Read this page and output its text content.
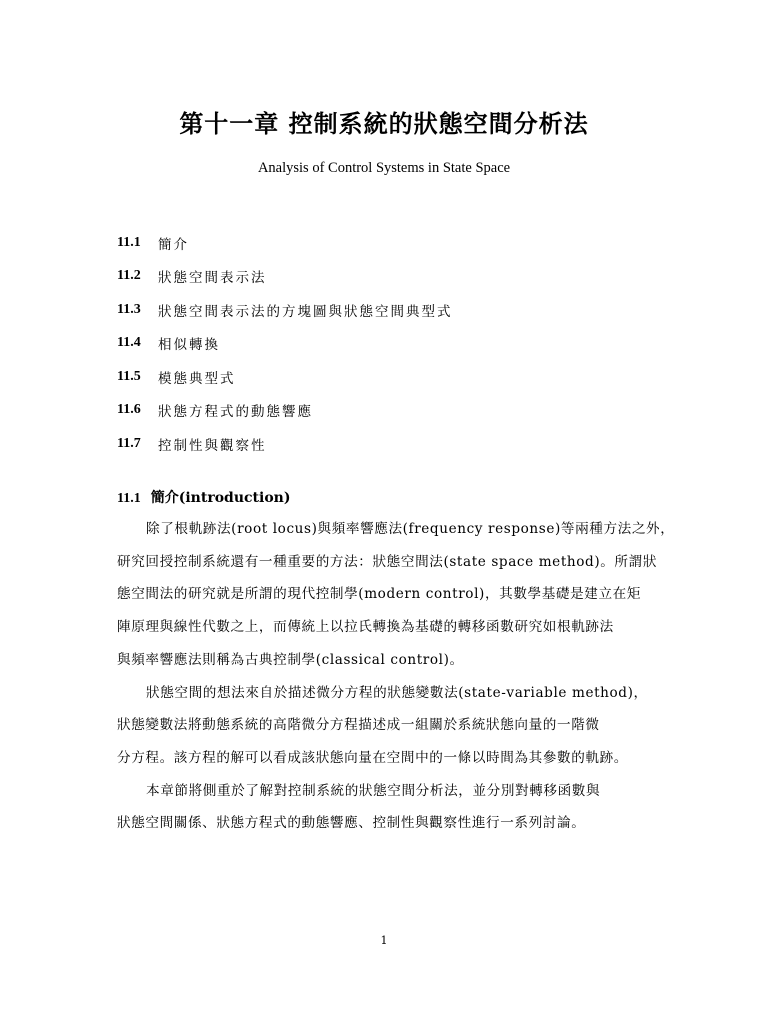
第十一章 控制系統的狀態空間分析法
Analysis of Control Systems in State Space
11.1	簡介
11.2	狀態空間表示法
11.3	狀態空間表示法的方塊圖與狀態空間典型式
11.4	相似轉換
11.5	模態典型式
11.6	狀態方程式的動態響應
11.7	控制性與觀察性
11.1 簡介(introduction)
除了根軌跡法(root locus)與頻率響應法(frequency response)等兩種方法之外，
研究回授控制系統還有一種重要的方法：狀態空間法(state space method)。所謂狀
態空間法的研究就是所謂的現代控制學(modern control)，其數學基礎是建立在矩
陣原理與線性代數之上，而傳統上以拉氏轉換為基礎的轉移函數研究如根軌跡法
與頻率響應法則稱為古典控制學(classical control)。
狀態空間的想法來自於描述微分方程的狀態變數法(state-variable method)，
狀態變數法將動態系統的高階微分方程描述成一組關於系統狀態向量的一階微
分方程。該方程的解可以看成該狀態向量在空間中的一條以時間為其參數的軌跡。
本章節將側重於了解對控制系統的狀態空間分析法，並分別對轉移函數與
狀態空間關係、狀態方程式的動態響應、控制性與觀察性進行一系列討論。
1
